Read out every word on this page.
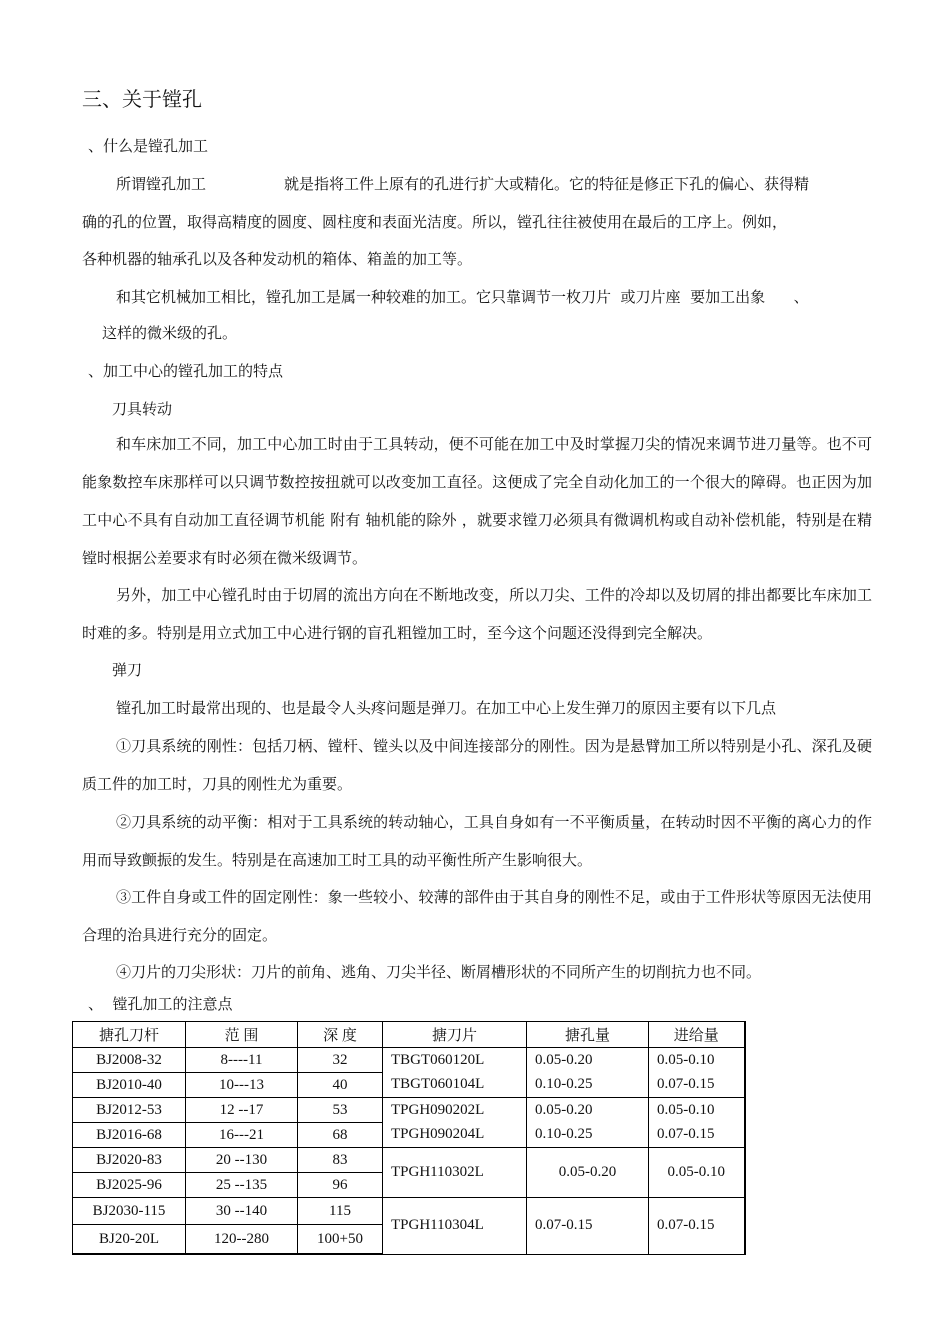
三、关于镗孔
、什么是镗孔加工
所谓镗孔加工	就是指将工件上原有的孔进行扩大或精化。它的特征是修正下孔的偏心、获得精
确的孔的位置，取得高精度的圆度、圆柱度和表面光洁度。所以，镗孔往往被使用在最后的工序上。例如，
各种机器的轴承孔以及各种发动机的箱体、箱盖的加工等。
和其它机械加工相比，镗孔加工是属一种较难的加工。它只靠调节一枚刀片  或刀片座  要加工出象      、
这样的微米级的孔。
、加工中心的镗孔加工的特点
刀具转动
和车床加工不同，加工中心加工时由于工具转动，便不可能在加工中及时掌握刀尖的情况来调节进刀量等。也不可能象数控车床那样可以只调节数控按扭就可以改变加工直径。这便成了完全自动化加工的一个很大的障碍。也正因为加工中心不具有自动加工直径调节机能 附有 轴机能的除外 ，就要求镗刀必须具有微调机构或自动补偿机能，特别是在精镗时根据公差要求有时必须在微米级调节。
另外，加工中心镗孔时由于切屑的流出方向在不断地改变，所以刀尖、工件的冷却以及切屑的排出都要比车床加工时难的多。特别是用立式加工中心进行钢的盲孔粗镗加工时，至今这个问题还没得到完全解决。
弹刀
镗孔加工时最常出现的、也是最令人头疼问题是弹刀。在加工中心上发生弹刀的原因主要有以下几点
①刀具系统的刚性：包括刀柄、镗杆、镗头以及中间连接部分的刚性。因为是悬臂加工所以特别是小孔、深孔及硬质工件的加工时，刀具的刚性尤为重要。
②刀具系统的动平衡：相对于工具系统的转动轴心，工具自身如有一不平衡质量，在转动时因不平衡的离心力的作用而导致颤振的发生。特别是在高速加工时工具的动平衡性所产生影响很大。
③工件自身或工件的固定刚性：象一些较小、较薄的部件由于其自身的刚性不足，或由于工件形状等原因无法使用合理的治具进行充分的固定。
④刀片的刀尖形状：刀片的前角、逃角、刀尖半径、断屑槽形状的不同所产生的切削抗力也不同。
、  镗孔加工的注意点
搪孔刀杆	范 围	深 度	搪刀片	搪孔量	进给量
BJ2008-32	8----11	32	TBGT060120L	0.05-0.20	0.05-0.10
BJ2010-40	10---13	40	TBGT060104L	0.10-0.25	0.07-0.15
BJ2012-53	12 --17	53	TPGH090202L	0.05-0.20	0.05-0.10
BJ2016-68	16---21	68	TPGH090204L	0.10-0.25	0.07-0.15
BJ2020-83	20 --130	83	TPGH110302L	0.05-0.20	0.05-0.10
BJ2025-96	25 --135	96			
BJ2030-115	30 --140	115	TPGH110304L	0.07-0.15	0.07-0.15
BJ20-20L	120--280	100+50			
